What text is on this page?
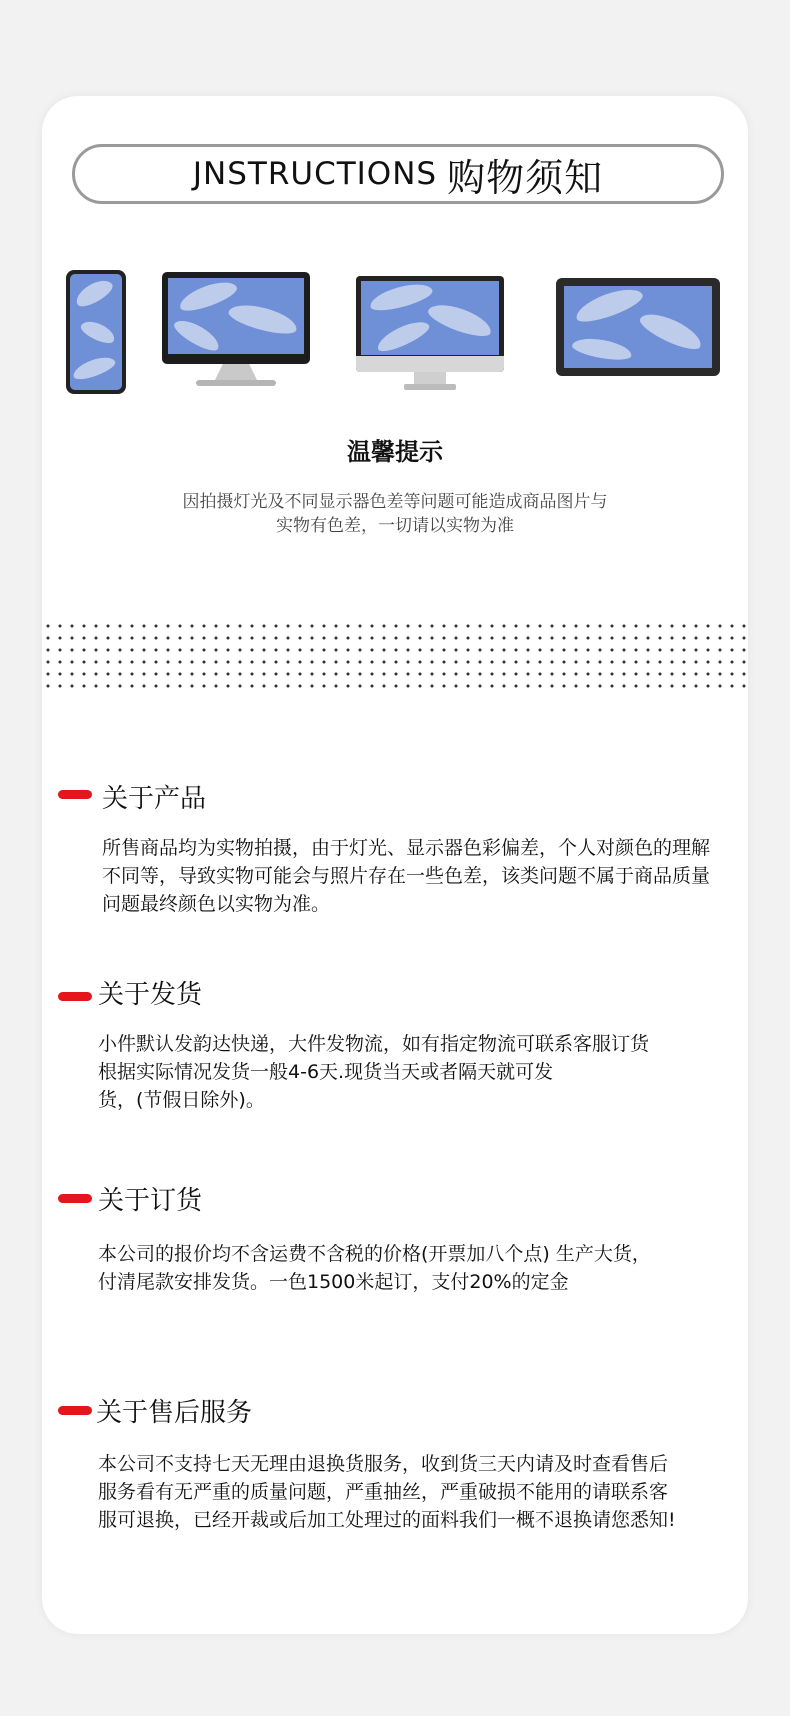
JNSTRUCTIONS 购物须知
温馨提示
因拍摄灯光及不同显示器色差等问题可能造成商品图片与
实物有色差，一切请以实物为准
关于产品
所售商品均为实物拍摄，由于灯光、显示器色彩偏差，个人对颜色的理解
不同等，导致实物可能会与照片存在一些色差，该类问题不属于商品质量
问题最终颜色以实物为准。
关于发货
小件默认发韵达快递，大件发物流，如有指定物流可联系客服订货
根据实际情况发货一般4-6天.现货当天或者隔天就可发
货，(节假日除外)。
关于订货
本公司的报价均不含运费不含税的价格(开票加八个点) 生产大货，
付清尾款安排发货。一色1500米起订，支付20%的定金
关于售后服务
本公司不支持七天无理由退换货服务，收到货三天内请及时查看售后
服务看有无严重的质量问题，严重抽丝，严重破损不能用的请联系客
服可退换，已经开裁或后加工处理过的面料我们一概不退换请您悉知!
